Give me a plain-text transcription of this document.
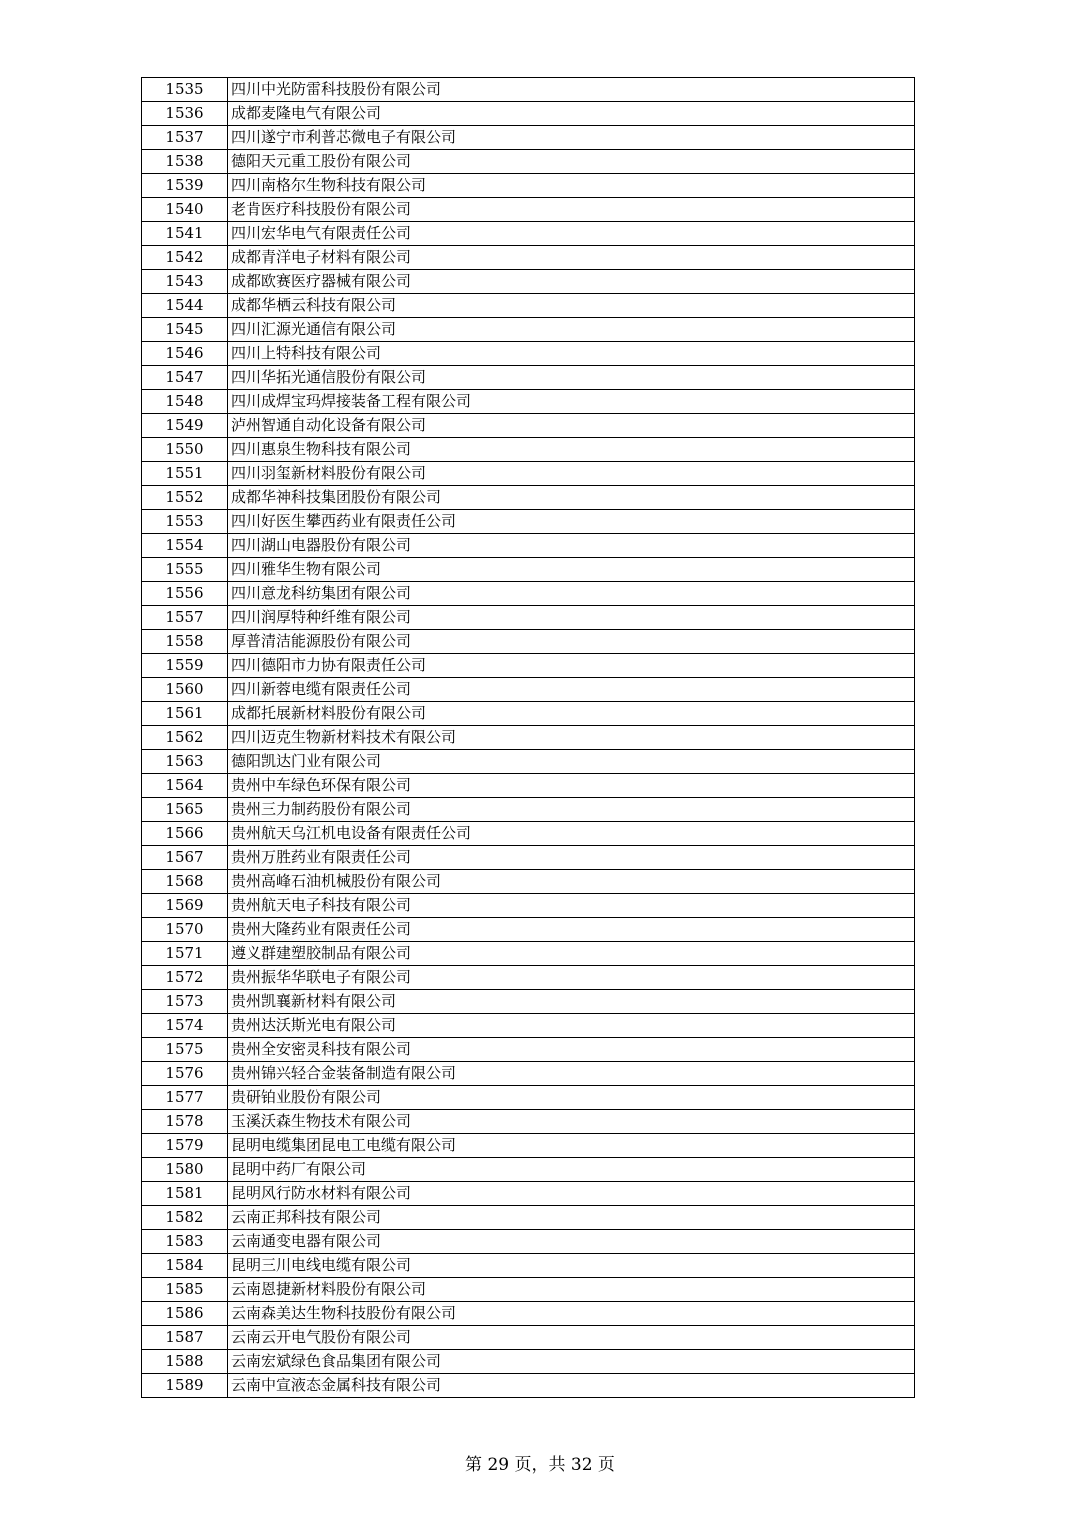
1535	四川中光防雷科技股份有限公司
1536	成都麦隆电气有限公司
1537	四川遂宁市利普芯微电子有限公司
1538	德阳天元重工股份有限公司
1539	四川南格尔生物科技有限公司
1540	老肯医疗科技股份有限公司
1541	四川宏华电气有限责任公司
1542	成都青洋电子材料有限公司
1543	成都欧赛医疗器械有限公司
1544	成都华栖云科技有限公司
1545	四川汇源光通信有限公司
1546	四川上特科技有限公司
1547	四川华拓光通信股份有限公司
1548	四川成焊宝玛焊接装备工程有限公司
1549	泸州智通自动化设备有限公司
1550	四川惠泉生物科技有限公司
1551	四川羽玺新材料股份有限公司
1552	成都华神科技集团股份有限公司
1553	四川好医生攀西药业有限责任公司
1554	四川湖山电器股份有限公司
1555	四川雅华生物有限公司
1556	四川意龙科纺集团有限公司
1557	四川润厚特种纤维有限公司
1558	厚普清洁能源股份有限公司
1559	四川德阳市力协有限责任公司
1560	四川新蓉电缆有限责任公司
1561	成都托展新材料股份有限公司
1562	四川迈克生物新材料技术有限公司
1563	德阳凯达门业有限公司
1564	贵州中车绿色环保有限公司
1565	贵州三力制药股份有限公司
1566	贵州航天乌江机电设备有限责任公司
1567	贵州万胜药业有限责任公司
1568	贵州高峰石油机械股份有限公司
1569	贵州航天电子科技有限公司
1570	贵州大隆药业有限责任公司
1571	遵义群建塑胶制品有限公司
1572	贵州振华华联电子有限公司
1573	贵州凯襄新材料有限公司
1574	贵州达沃斯光电有限公司
1575	贵州全安密灵科技有限公司
1576	贵州锦兴轻合金装备制造有限公司
1577	贵研铂业股份有限公司
1578	玉溪沃森生物技术有限公司
1579	昆明电缆集团昆电工电缆有限公司
1580	昆明中药厂有限公司
1581	昆明风行防水材料有限公司
1582	云南正邦科技有限公司
1583	云南通变电器有限公司
1584	昆明三川电线电缆有限公司
1585	云南恩捷新材料股份有限公司
1586	云南森美达生物科技股份有限公司
1587	云南云开电气股份有限公司
1588	云南宏斌绿色食品集团有限公司
1589	云南中宣液态金属科技有限公司
第 29 页，共 32 页
